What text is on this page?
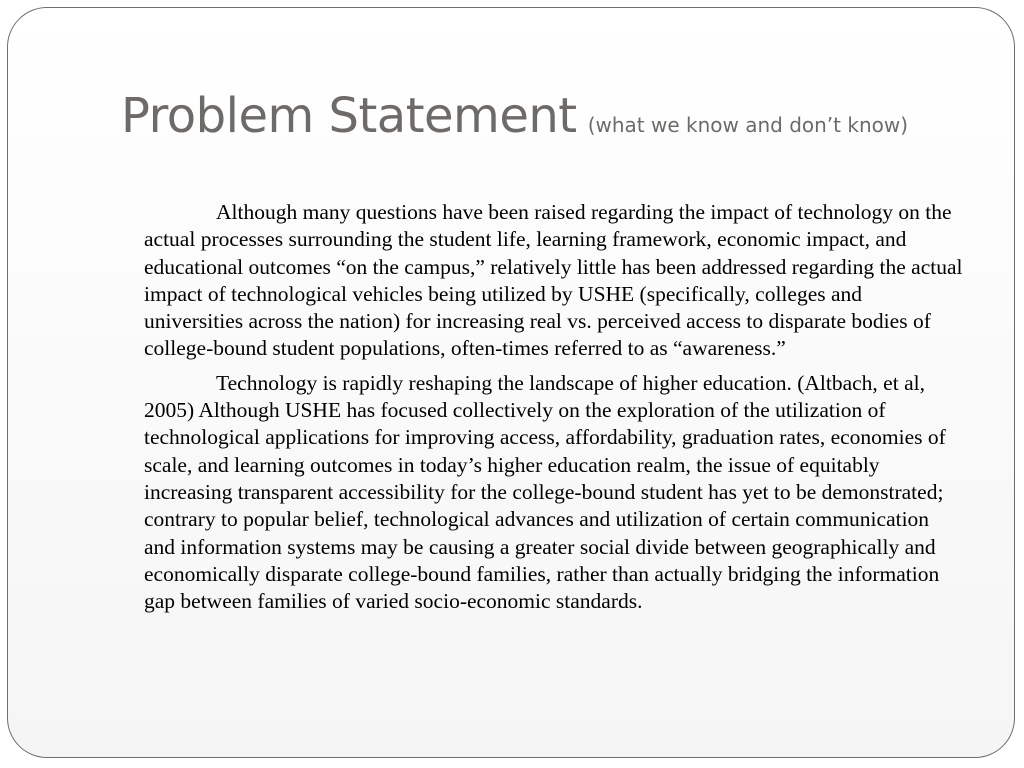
Problem Statement (what we know and don’t know)

Although many questions have been raised regarding the impact of technology on the actual processes surrounding the student life, learning framework, economic impact, and educational outcomes “on the campus,” relatively little has been addressed regarding the actual impact of technological vehicles being utilized by USHE (specifically, colleges and universities across the nation) for increasing real vs. perceived access to disparate bodies of college-bound student populations, often-times referred to as “awareness.”

Technology is rapidly reshaping the landscape of higher education. (Altbach, et al, 2005) Although USHE has focused collectively on the exploration of the utilization of technological applications for improving access, affordability, graduation rates, economies of scale, and learning outcomes in today’s higher education realm, the issue of equitably increasing transparent accessibility for the college-bound student has yet to be demonstrated; contrary to popular belief, technological advances and utilization of certain communication and information systems may be causing a greater social divide between geographically and economically disparate college-bound families, rather than actually bridging the information gap between families of varied socio-economic standards.
